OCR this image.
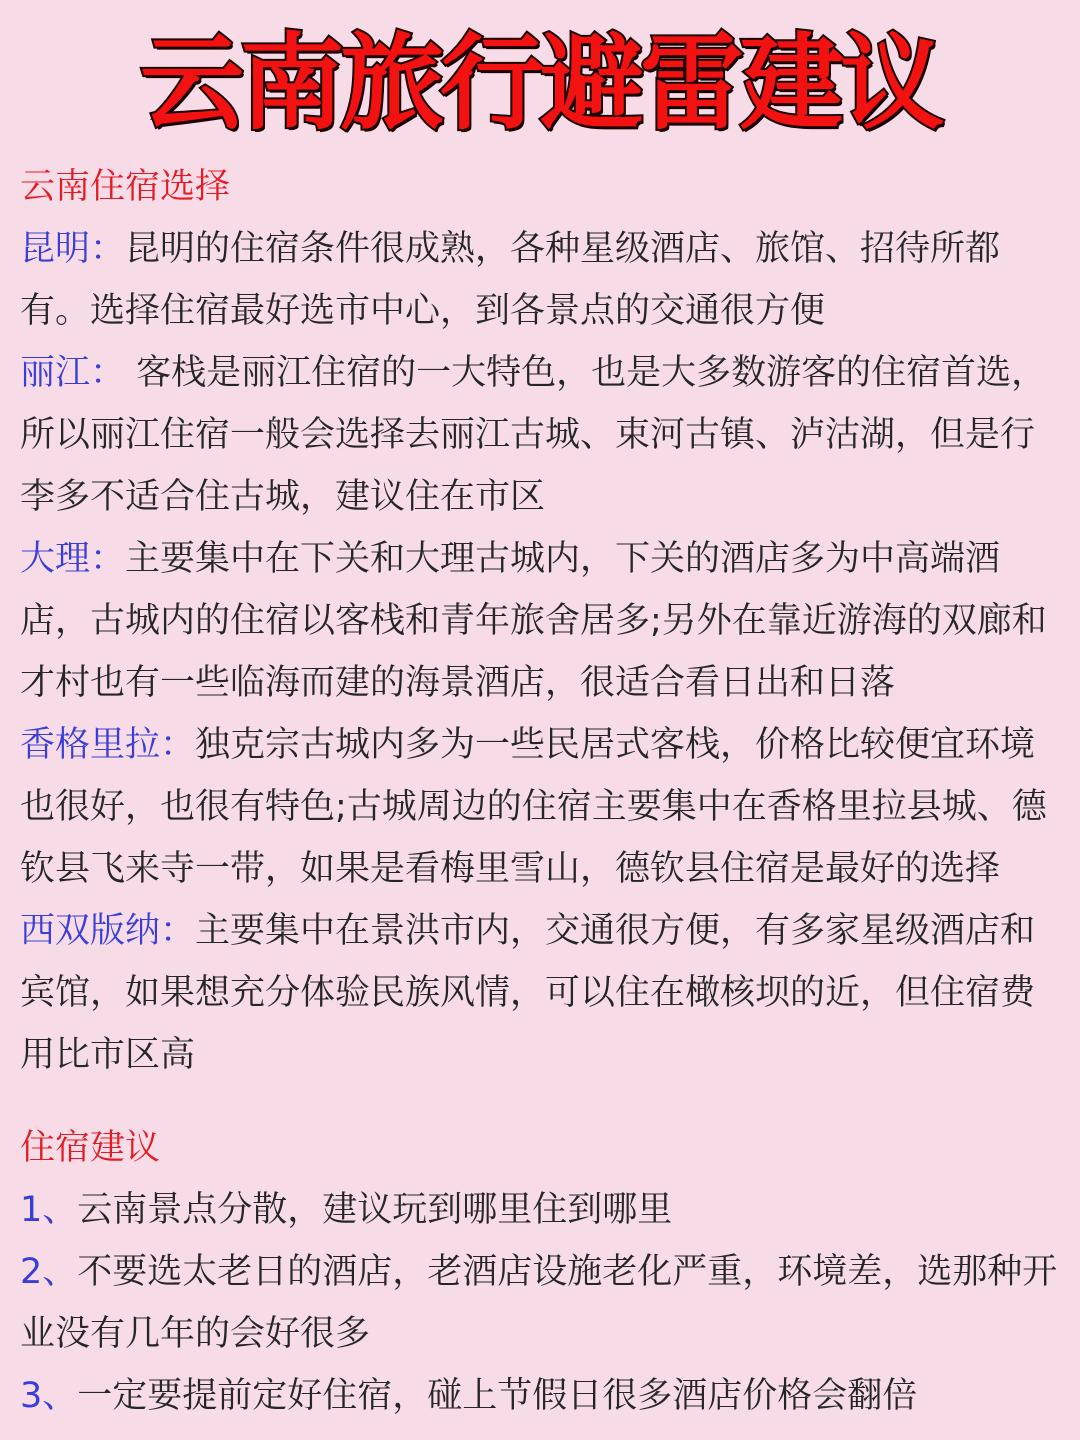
云南旅行避雷建议

云南住宿选择

昆明：昆明的住宿条件很成熟，各种星级酒店、旅馆、招待所都有。选择住宿最好选市中心，到各景点的交通很方便

丽江： 客栈是丽江住宿的一大特色，也是大多数游客的住宿首选，所以丽江住宿一般会选择去丽江古城、束河古镇、泸沽湖，但是行李多不适合住古城，建议住在市区

大理：主要集中在下关和大理古城内，下关的酒店多为中高端酒店，古城内的住宿以客栈和青年旅舍居多;另外在靠近游海的双廊和才村也有一些临海而建的海景酒店，很适合看日出和日落

香格里拉：独克宗古城内多为一些民居式客栈，价格比较便宜环境也很好，也很有特色;古城周边的住宿主要集中在香格里拉县城、德钦县飞来寺一带，如果是看梅里雪山，德钦县住宿是最好的选择

西双版纳：主要集中在景洪市内，交通很方便，有多家星级酒店和宾馆，如果想充分体验民族风情，可以住在橄核坝的近，但住宿费用比市区高

住宿建议

1、云南景点分散，建议玩到哪里住到哪里

2、不要选太老日的酒店，老酒店设施老化严重，环境差，选那种开业没有几年的会好很多

3、一定要提前定好住宿，碰上节假日很多酒店价格会翻倍
